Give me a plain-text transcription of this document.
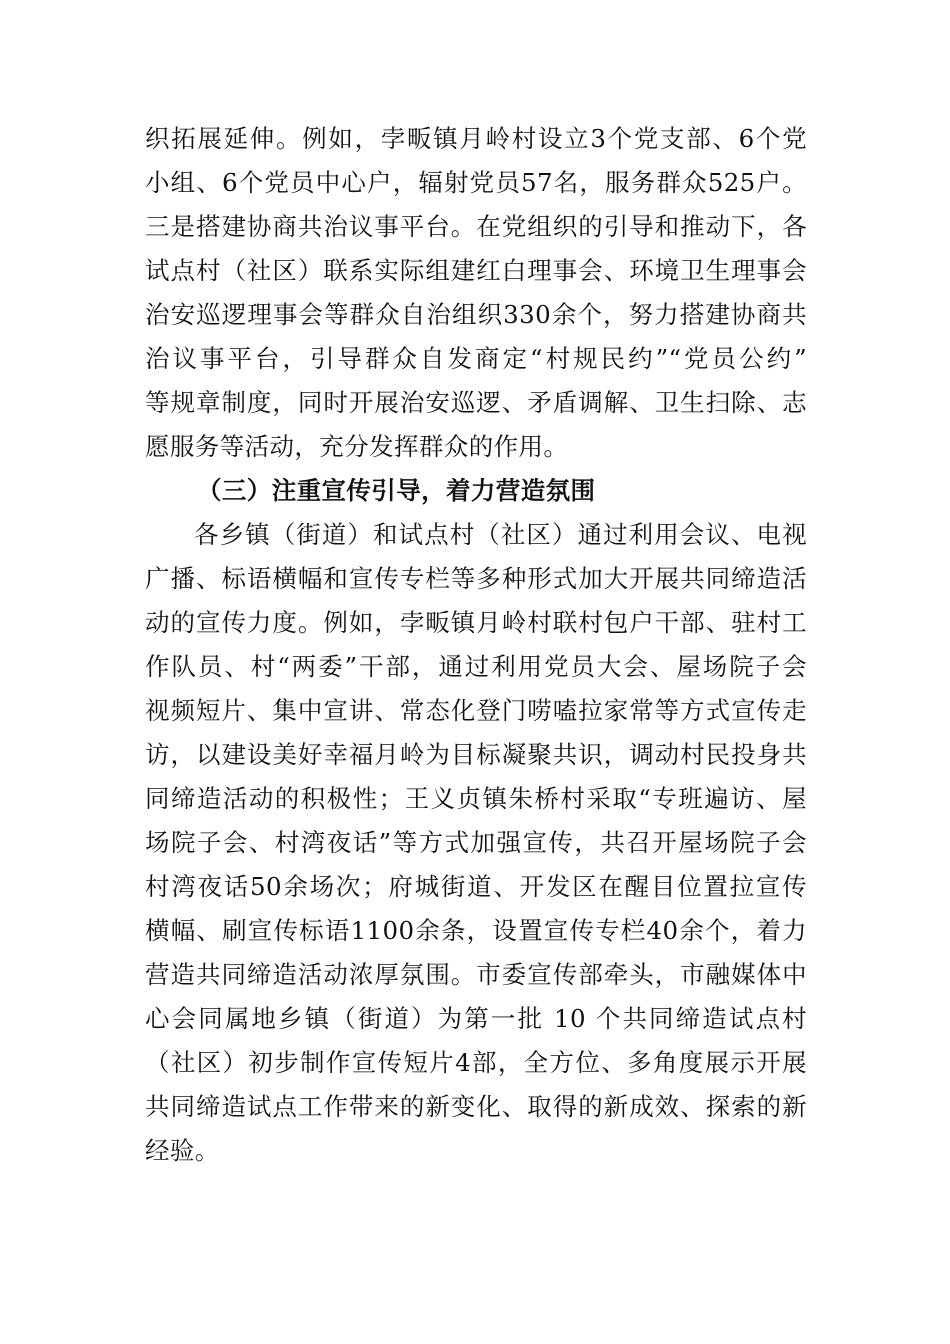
织拓展延伸。例如，孛畈镇月岭村设立3个党支部、6个党
小组、6个党员中心户，辐射党员57名，服务群众525户。
三是搭建协商共治议事平台。在党组织的引导和推动下，各
试点村（社区）联系实际组建红白理事会、环境卫生理事会
治安巡逻理事会等群众自治组织330余个，努力搭建协商共
治议事平台，引导群众自发商定“村规民约”“党员公约”
等规章制度，同时开展治安巡逻、矛盾调解、卫生扫除、志
愿服务等活动，充分发挥群众的作用。
（三）注重宣传引导，着力营造氛围
各乡镇（街道）和试点村（社区）通过利用会议、电视
广播、标语横幅和宣传专栏等多种形式加大开展共同缔造活
动的宣传力度。例如，孛畈镇月岭村联村包户干部、驻村工
作队员、村“两委”干部，通过利用党员大会、屋场院子会
视频短片、集中宣讲、常态化登门唠嗑拉家常等方式宣传走
访，以建设美好幸福月岭为目标凝聚共识，调动村民投身共
同缔造活动的积极性；王义贞镇朱桥村采取“专班遍访、屋
场院子会、村湾夜话”等方式加强宣传，共召开屋场院子会
村湾夜话50余场次；府城街道、开发区在醒目位置拉宣传
横幅、刷宣传标语1100余条，设置宣传专栏40余个，着力
营造共同缔造活动浓厚氛围。市委宣传部牵头，市融媒体中
心会同属地乡镇（街道）为第一批 10 个共同缔造试点村
（社区）初步制作宣传短片4部，全方位、多角度展示开展
共同缔造试点工作带来的新变化、取得的新成效、探索的新
经验。
